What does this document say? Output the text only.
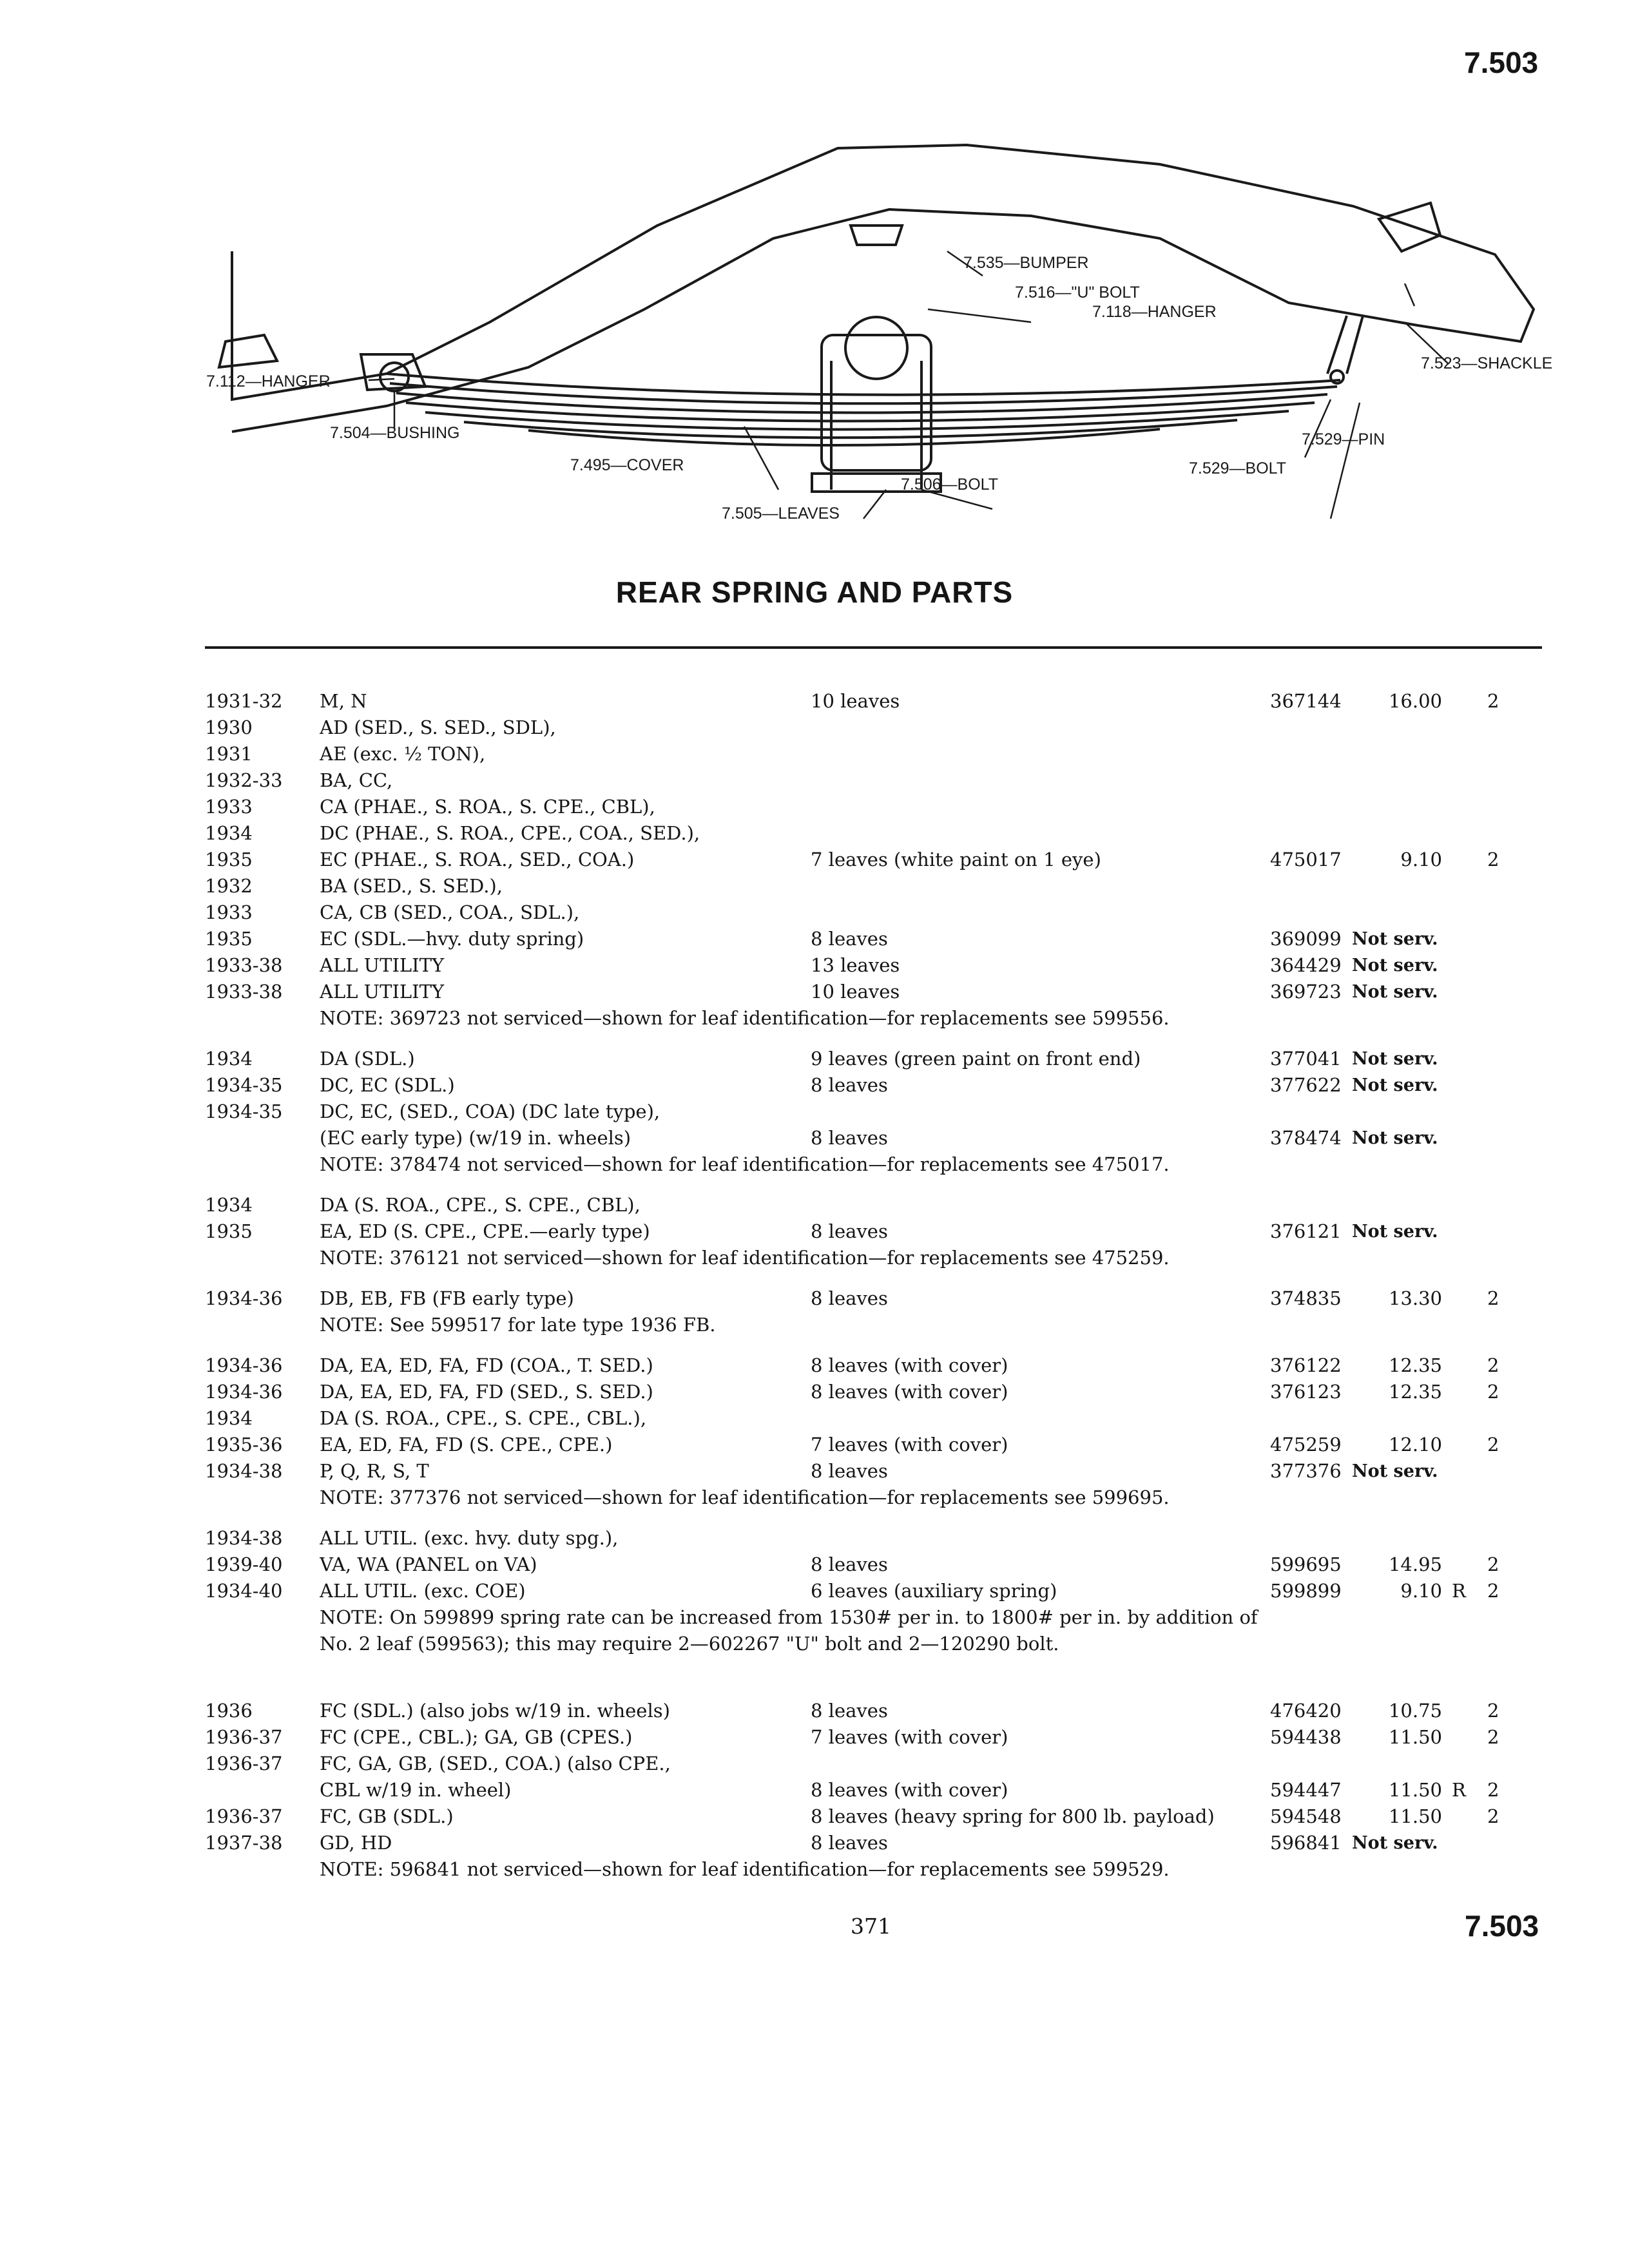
7.503
7.535—BUMPER
7.516—"U" BOLT
7.118—HANGER
7.523—SHACKLE
7.112—HANGER
7.504—BUSHING	7.529—PIN
7.529—BOLT
7.495—COVER
7.506—BOLT
7.505—LEAVES
REAR SPRING AND PARTS
1931-32 M, N	10 leaves	367144	16.00 2
1930	AD (SED., S. SED., SDL),
1931	AE (exc. ½ TON),
1932-33 BA, CC,
1933	CA (PHAE., S. ROA., S. CPE., CBL),
1934	DC (PHAE., S. ROA., CPE., COA., SED.),
1935	EC (PHAE., S. ROA., SED., COA.)	7 leaves (white paint on 1 eye)	475017	9.10 2
1932	BA (SED., S. SED.),
1933	CA, CB (SED., COA., SDL.),
1935	EC (SDL.—hvy. duty spring)	8 leaves	369099 Not serv.
1933-38 ALL UTILITY	13 leaves	364429 Not serv.
1933-38 ALL UTILITY	10 leaves	369723 Not serv.
NOTE: 369723 not serviced—shown for leaf identification—for replacements see 599556.
1934	DA (SDL.)	9 leaves (green paint on front end)	377041 Not serv.
1934-35 DC, EC (SDL.)	8 leaves	377622 Not serv.
1934-35 DC, EC, (SED., COA) (DC late type),
(EC early type) (w/19 in. wheels)	8 leaves	378474 Not serv.
NOTE: 378474 not serviced—shown for leaf identification—for replacements see 475017.
1934	DA (S. ROA., CPE., S. CPE., CBL),
1935	EA, ED (S. CPE., CPE.—early type)	8 leaves	376121 Not serv.
NOTE: 376121 not serviced—shown for leaf identification—for replacements see 475259.
1934-36 DB, EB, FB (FB early type)	8 leaves	374835	13.30 2
NOTE: See 599517 for late type 1936 FB.
1934-36 DA, EA, ED, FA, FD (COA., T. SED.)	8 leaves (with cover)	376122	12.35 2
1934-36 DA, EA, ED, FA, FD (SED., S. SED.)	8 leaves (with cover)	376123	12.35 2
1934	DA (S. ROA., CPE., S. CPE., CBL.),
1935-36 EA, ED, FA, FD (S. CPE., CPE.)	7 leaves (with cover)	475259	12.10 2
1934-38 P, Q, R, S, T	8 leaves	377376 Not serv.
NOTE: 377376 not serviced—shown for leaf identification—for replacements see 599695.
1934-38 ALL UTIL. (exc. hvy. duty spg.),
1939-40 VA, WA (PANEL on VA)	8 leaves	599695	14.95 2
1934-40 ALL UTIL. (exc. COE)	6 leaves (auxiliary spring)	599899	9.10 R 2
NOTE: On 599899 spring rate can be increased from 1530# per in. to 1800# per in. by addition of No. 2 leaf (599563); this may require 2—602267 "U" bolt and 2—120290 bolt.
1936	FC (SDL.) (also jobs w/19 in. wheels)	8 leaves	476420	10.75 2
1936-37 FC (CPE., CBL.); GA, GB (CPES.)	7 leaves (with cover)	594438	11.50 2
1936-37 FC, GA, GB, (SED., COA.) (also CPE.,
CBL w/19 in. wheel)	8 leaves (with cover)	594447	11.50 R 2
1936-37 FC, GB (SDL.)	8 leaves (heavy spring for 800 lb. payload)	594548	11.50 2
1937-38 GD, HD	8 leaves	596841 Not serv.
NOTE: 596841 not serviced—shown for leaf identification—for replacements see 599529.
7.503
371
